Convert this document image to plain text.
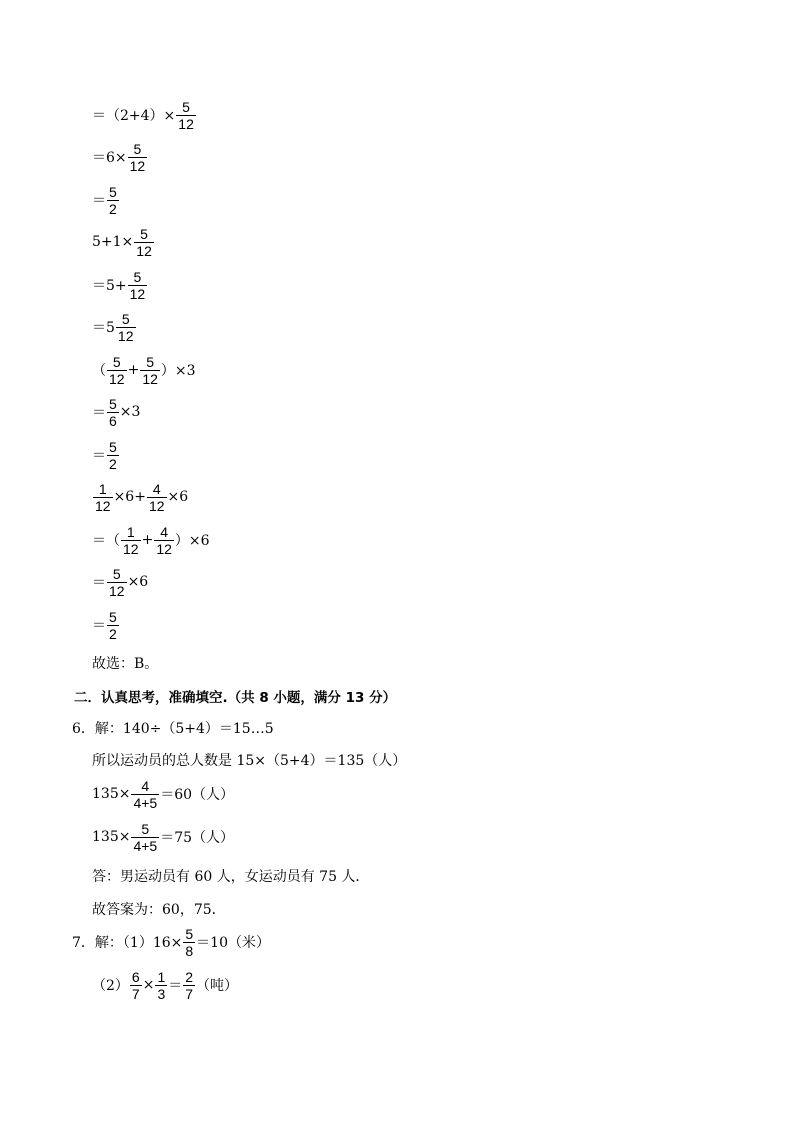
$=(2+4)\times \frac{5}{12}$
$=6\times \frac{5}{12}$
＝ $\frac{5}{2}$
$5+1\times \frac{5}{12}$
$=5+ \frac{5}{12}$
$=5 \frac{5}{12}$
（ $\frac{5}{12} + \frac{5}{12} )\times 3$
＝ $\frac{5}{6} \times 3$
＝ $\frac{5}{2}$
$\frac{1}{12} \times 6+ \frac{4}{12} \times 6$
＝（ $\frac{1}{12} + \frac{4}{12} )\times 6$
＝ $\frac{5}{12} \times 6$
＝ $\frac{5}{2}$
故选：B。
二．认真思考，准确填空.（共 8 小题，满分 13 分）
6．解：140÷（5+4）＝15…5
所以运动员的总人数是 15×（5+4）＝135（人）
$135\times \frac{4}{4+5} =60$（人）
$135\times \frac{5}{4+5} =75$（人）
答：男运动员有 60 人，女运动员有 75 人．
故答案为：60，75．
7．解：$(1)16\times \frac{5}{8} =10$（米）
$(2) \frac{6}{7} \times \frac{1}{3} = \frac{2}{7}$ （吨）
